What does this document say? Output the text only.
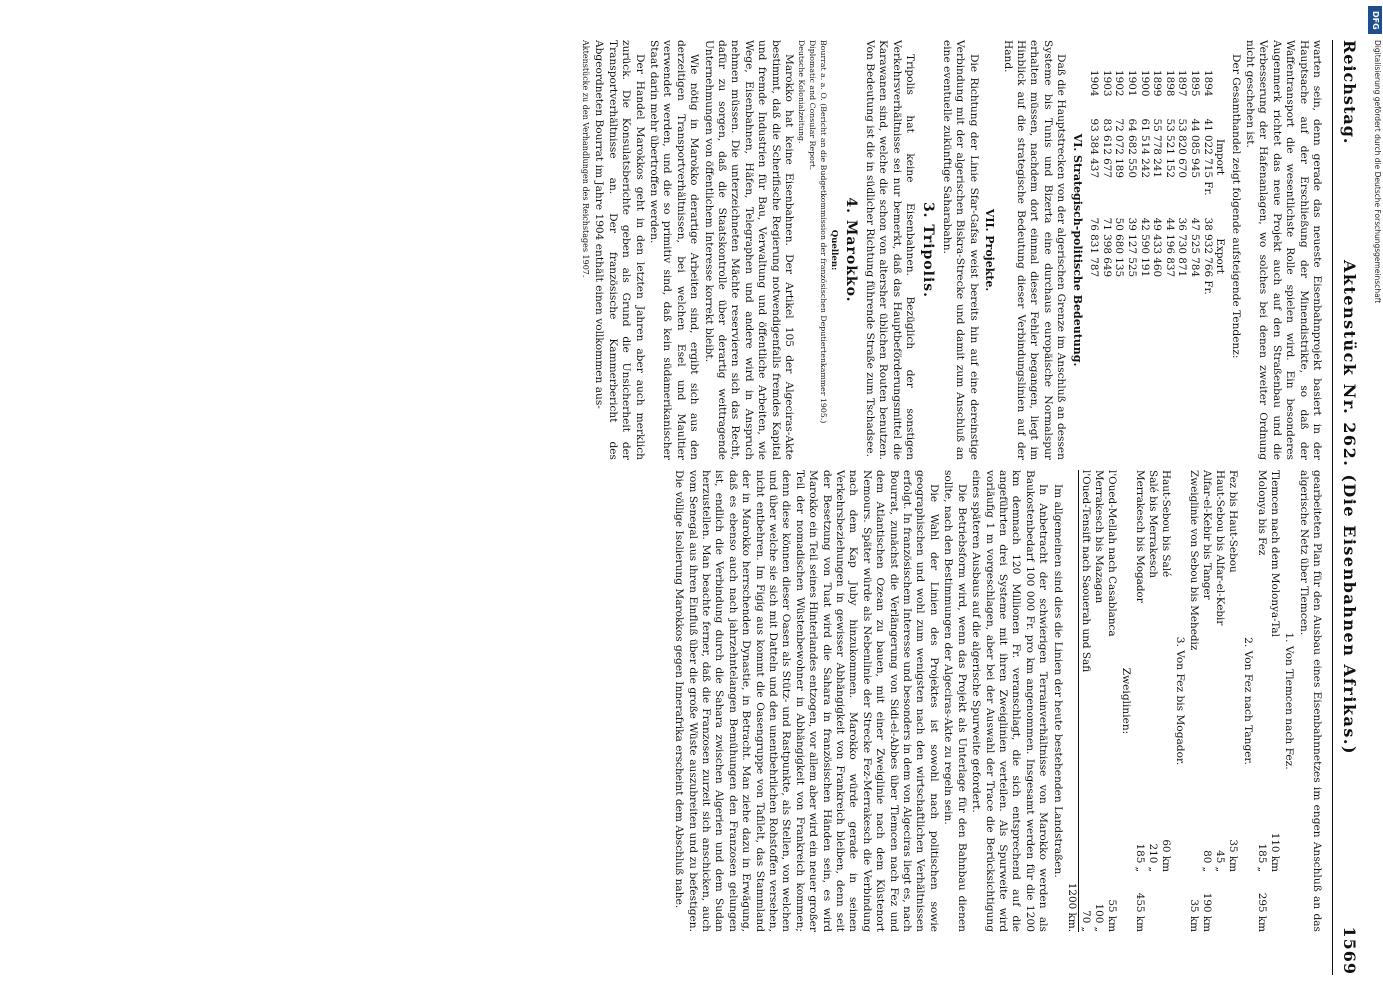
Reichstag.
Aktenstück Nr. 262. (Die Eisenbahnen Afrikas.)
1569

warten sein, denn gerade das neueste Eisenbahnprojekt basiert in der Hauptsache auf der Erschließung der Minendistrikte, so daß der Waffentransport die wesentlichste Rolle spielen wird. Ein besonderes Augenmerk richtet das neue Projekt auch auf den Straßenbau und die Verbesserung der Hafenanlagen, wo solches bei denen zweiter Ordnung nicht geschehen ist.

Der Gesamthandel zeigt folgende aufsteigende Tendenz:

	Import	Export
1894	41 022 715 Fr.	38 932 766 Fr.
1895	44 085 945	47 525 784
1897	53 820 670	36 730 871
1898	53 521 152	44 196 837
1899	55 778 241	49 433 460
1900	61 514 242	42 590 191
1901	64 682 550	39 127 525
1902	72 072 189	50 680 135
1903	83 612 677	71 398 649
1904	93 384 437	76 831 787
VI. Strategisch-politische Bedeutung.

Daß die Hauptstrecken von der algerischen Grenze im Anschluß an dessen Systeme bis Tunis und Bizerta eine durchaus europäische Normalspur erhalten müssen, nachdem dort einmal dieser Fehler begangen, liegt im Hinblick auf die strategische Bedeutung dieser Verbindungslinien auf der Hand.

VII. Projekte.

Die Richtung der Linie Sfar-Gafsa weist bereits hin auf eine dereinstige Verbindung mit der algerischen Biskra-Strecke und damit zum Anschluß an eine eventuelle zukünftige Saharabahn.

3. Tripolis.

Tripolis hat keine Eisenbahnen. Bezüglich der sonstigen Verkehrsverhältnisse sei nur bemerkt, daß das Hauptbeförderungsmittel die Karawanen sind, welche die schon von altersher üblichen Routen benutzen. Von Bedeutung ist die in südlicher Richtung führende Straße zum Tschadsee.

4. Marokko.
Quellen:

Bourrat a. a. O. (Bericht an die Budgetkommission der französischen Deputiertenkammer 1905.)

Diplomatic and Consular Report.

Deutsche Kolonialzeitung.

Marokko hat keine Eisenbahnen. Der Artikel 105 der Algeciras-Akte bestimmt, daß die Scherifische Regierung notwendigenfalls fremdes Kapital und fremde Industrien für Bau, Verwaltung und öffentliche Arbeiten, wie Wege, Eisenbahnen, Häfen, Telegraphen und andere wird in Anspruch nehmen müssen. Die unterzeichneten Mächte reservieren sich das Recht, dafür zu sorgen, daß die Staatskontrolle über derartig weittragende Unternehmungen von öffentlichem Interesse korrekt bleibt.

Wie nötig in Marokko derartige Arbeiten sind, ergibt sich aus den derzeitigen Transportverhältnissen, bei welchen Esel und Maultier verwendet werden, und die so primitiv sind, daß kein südamerikanischer Staat darin mehr übertroffen werden.

Der Handel Marokkos geht in den letzten Jahren aber auch merklich zurück. Die Konsulatsberichte geben als Grund die Unsicherheit der Transportverhältnisse an. Der französische Kammerbericht des Abgeordneten Bourrat im Jahre 1904 enthält einen vollkommen aus-

Aktenstücke zu den Verhandlungen des Reichstages 1907.

gearbeiteten Plan für den Ausbau eines Eisenbahnnetzes im engen Anschluß an das algerische Netz über Tlemcen.

1. Von Tlemcen nach Fez.
Tlemcen nach dem Molonya-Tal	110 km	
Molonya bis Fez	185 „	295 km
2. Von Fez nach Tanger.
Fez bis Haut-Sebou	35 km	
Haut-Sebou bis Alfar-el-Kebir	45 „	
Alfar-el-Kebir bis Tanger	80 „	190 km
Zweiglinie von Sebou bis Mehediz		35 km
3. Von Fez bis Mogador.
Haut-Sebou bis Salé	60 km	
Salé bis Merrakesch	210 „	
Merrakesch bis Mogador	185 „	455 km
Zweiglinien:
l'Oued-Mellah nach Casablanca		55 km
Merrakesch bis Mazagan		100 „
l'Oued-Tensift nach Saouerah und Safi		70 „
		1200 km.

Im allgemeinen sind dies die Linien der heute bestehenden Landstraßen.

In Anbetracht der schwierigen Terrainverhältnisse von Marokko werden als Baukostenbedarf 100 000 Fr. pro km angenommen. Insgesamt werden für die 1200 km demnach 120 Millionen Fr. veranschlagt, die sich entsprechend auf die angeführten drei Systeme mit ihren Zweiglinien verteilen. Als Spurweite wird vorläufig 1 m vorgeschlagen, aber bei der Auswahl der Trace die Berücksichtigung eines späteren Ausbaus auf die algerische Spurweite gefordert.

Die Betriebsform wird, wenn das Projekt als Unterlage für den Bahnbau dienen sollte, nach den Bestimmungen der Algeciras-Akte zu regeln sein.

Die Wahl der Linien des Projektes ist sowohl nach politischen sowie geographischen und wohl zum wenigsten nach den wirtschaftlichen Verhältnissen erfolgt. In französischem Interesse und besonders in dem von Algeciras liegt es, nach Bourrat, zunächst die Verlängerung von Sidi-el-Abbes über Tlemcen nach Fez und dem Atlantischen Ozean zu bauen, mit einer Zweiglinie nach dem Küstenort Nemours. Später würde als Nebenlinie der Strecke Fez-Merrakesch die Verbindung nach dem Kap Juby hinzukommen. Marokko würde gerade in seinen Verkehrsbeziehungen in gewisser Abhängigkeit von Frankreich bleiben, denn seit der Besetzung von Tuat wird die Sahara in französischen Händen sein, es wird Marokko ein Teil seines Hinterlandes entzogen, vor allem aber wird ein neuer großer Teil der nomadischen Wüstenbewohner in Abhängigkeit von Frankreich kommen; denn diese können dieser Oasen als Stütz- und Rastpunkte, als Stellen, von welchen und über welche sie sich mit Datteln und den unentbehrlichen Rohstoffen versehen, nicht entbehren. Im Figig aus kommt die Oasengruppe von Tafilelt, das Stammland der in Marokko herrschenden Dynastie, in Betracht. Man ziehe dazu in Erwägung, daß es ebenso auch nach jahrzehntelangen Bemühungen den Franzosen gelungen ist, endlich die Verbindung durch die Sahara zwischen Algerien und dem Sudan herzustellen. Man beachte ferner, daß die Franzosen zurzeit sich anschicken, auch vom Senegal aus ihren Einfluß über die große Wüste auszubreiten und zu befestigen. Die völlige Isolierung Marokkos gegen Innerafrika erscheint dem Abschluß nahe.

DFG
Digitalisierung gefördert durch die Deutsche Forschungsgemeinschaft
